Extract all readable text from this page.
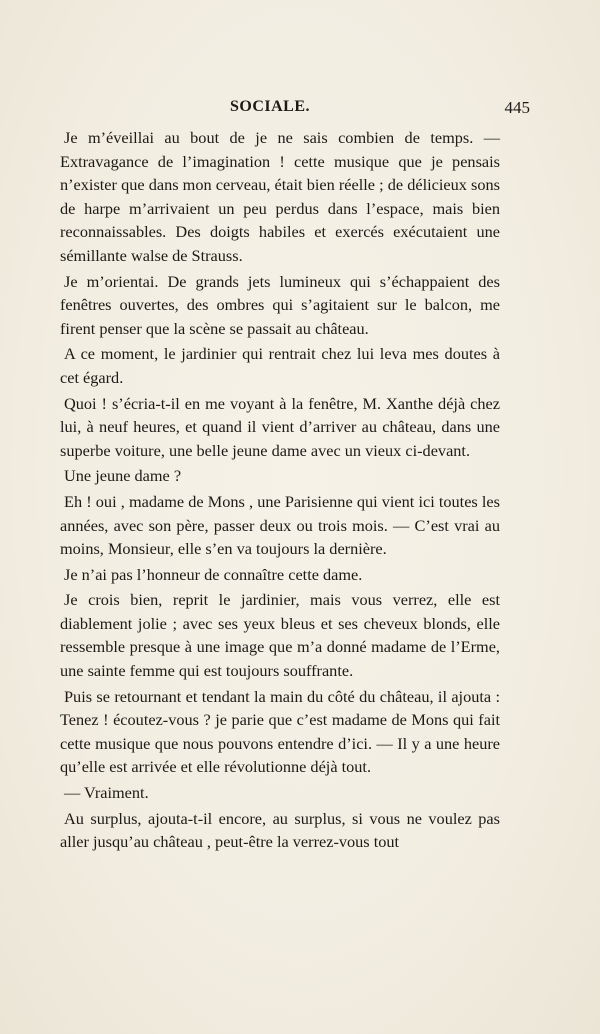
SOCIALE.	445

Je m’éveillai au bout de je ne sais combien de temps. — Extravagance de l’imagination ! cette musique que je pensais n’exister que dans mon cerveau, était bien réelle ; de délicieux sons de harpe m’arrivaient un peu perdus dans l’espace, mais bien reconnaissables. Des doigts habiles et exercés exécutaient une sémillante walse de Strauss.

Je m’orientai. De grands jets lumineux qui s’échappaient des fenêtres ouvertes, des ombres qui s’agitaient sur le balcon, me firent penser que la scène se passait au château.

A ce moment, le jardinier qui rentrait chez lui leva mes doutes à cet égard.

Quoi ! s’écria-t-il en me voyant à la fenêtre, M. Xanthe déjà chez lui, à neuf heures, et quand il vient d’arriver au château, dans une superbe voiture, une belle jeune dame avec un vieux ci-devant.

Une jeune dame ?

Eh ! oui , madame de Mons , une Parisienne qui vient ici toutes les années, avec son père, passer deux ou trois mois. — C’est vrai au moins, Monsieur, elle s’en va toujours la dernière.

Je n’ai pas l’honneur de connaître cette dame.

Je crois bien, reprit le jardinier, mais vous verrez, elle est diablement jolie ; avec ses yeux bleus et ses cheveux blonds, elle ressemble presque à une image que m’a donné madame de l’Erme, une sainte femme qui est toujours souffrante.

Puis se retournant et tendant la main du côté du château, il ajouta : Tenez ! écoutez-vous ? je parie que c’est madame de Mons qui fait cette musique que nous pouvons entendre d’ici. — Il y a une heure qu’elle est arrivée et elle révolutionne déjà tout.

— Vraiment.

Au surplus, ajouta-t-il encore, au surplus, si vous ne voulez pas aller jusqu’au château , peut-être la verrez-vous tout
